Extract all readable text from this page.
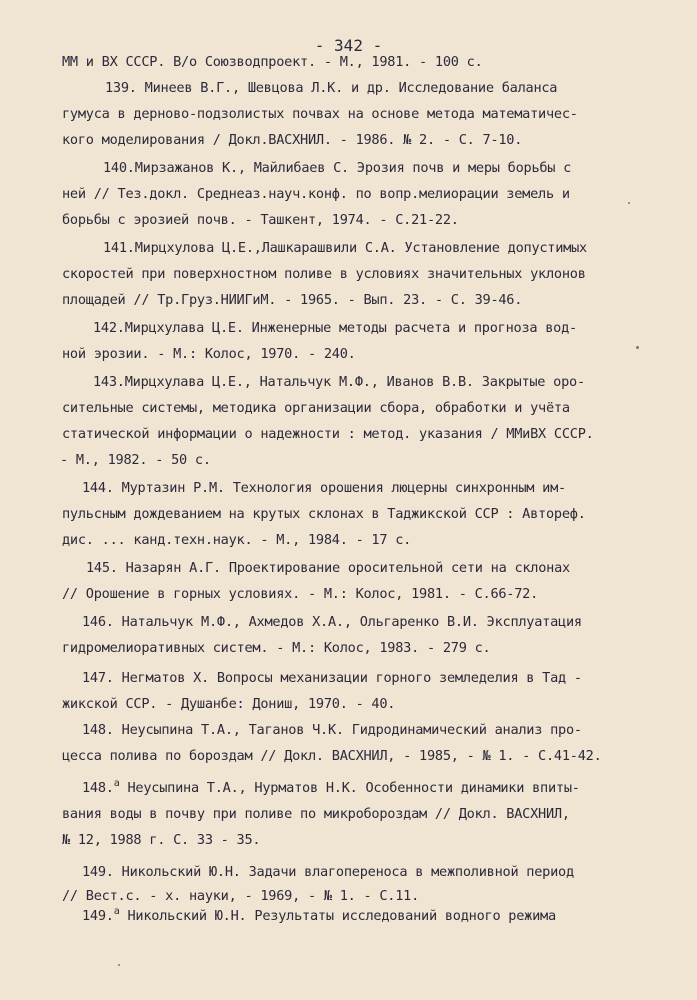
- 342 -
ММ и ВХ СССР. В/о Союзводпроект. - М., 1981. - 100 с.
139. Минеев В.Г., Шевцова Л.К. и др. Исследование баланса
гумуса в дерново-подзолистых почвах на основе метода математичес-
кого моделирования / Докл.ВАСХНИЛ. - 1986. № 2. - С. 7-10.
140.Мирзажанов К., Майлибаев С. Эрозия почв и меры борьбы с
ней // Тез.докл. Среднеаз.науч.конф. по вопр.мелиорации земель и
борьбы с эрозией почв. - Ташкент, 1974. - С.21-22.
141.Мирцхулова Ц.Е.,Лашкарашвили С.А. Установление допустимых
скоростей при поверхностном поливе в условиях значительных уклонов
площадей // Тр.Груз.НИИГиМ. - 1965. - Вып. 23. - С. 39-46.
142.Мирцхулава Ц.Е. Инженерные методы расчета и прогноза вод-
ной эрозии. - М.: Колос, 1970. - 240.
143.Мирцхулава Ц.Е., Натальчук М.Ф., Иванов В.В. Закрытые оро-
сительные системы, методика организации сбора, обработки и учёта
статической информации о надежности : метод. указания / ММиВХ СССР.
- М., 1982. - 50 с.
144. Муртазин Р.М. Технология орошения люцерны синхронным им-
пульсным дождеванием на крутых склонах в Таджикской ССР : Автореф.
дис. ... канд.техн.наук. - М., 1984. - 17 с.
145. Назарян А.Г. Проектирование оросительной сети на склонах
// Орошение в горных условиях. - М.: Колос, 1981. - С.66-72.
146. Натальчук М.Ф., Ахмедов Х.А., Ольгаренко В.И. Эксплуатация
гидромелиоративных систем. - М.: Колос, 1983. - 279 с.
147. Негматов Х. Вопросы механизации горного земледелия в Тад -
жикской ССР. - Душанбе: Дониш, 1970. - 40.
148. Неусыпина Т.А., Таганов Ч.К. Гидродинамический анализ про-
цесса полива по бороздам // Докл. ВАСХНИЛ, - 1985, - № 1. - С.41-42.
148.$^а$ Неусыпина Т.А., Нурматов Н.К. Особенности динамики впиты-
вания воды в почву при поливе по микробороздам // Докл. ВАСХНИЛ,
№ 12, 1988 г. С. 33 - 35.
149. Никольский Ю.Н. Задачи влагопереноса в межполивной период
// Вест.с. - х. науки, - 1969, - № 1. - С.11.
149.$^а$ Никольский Ю.Н. Результаты исследований водного режима
